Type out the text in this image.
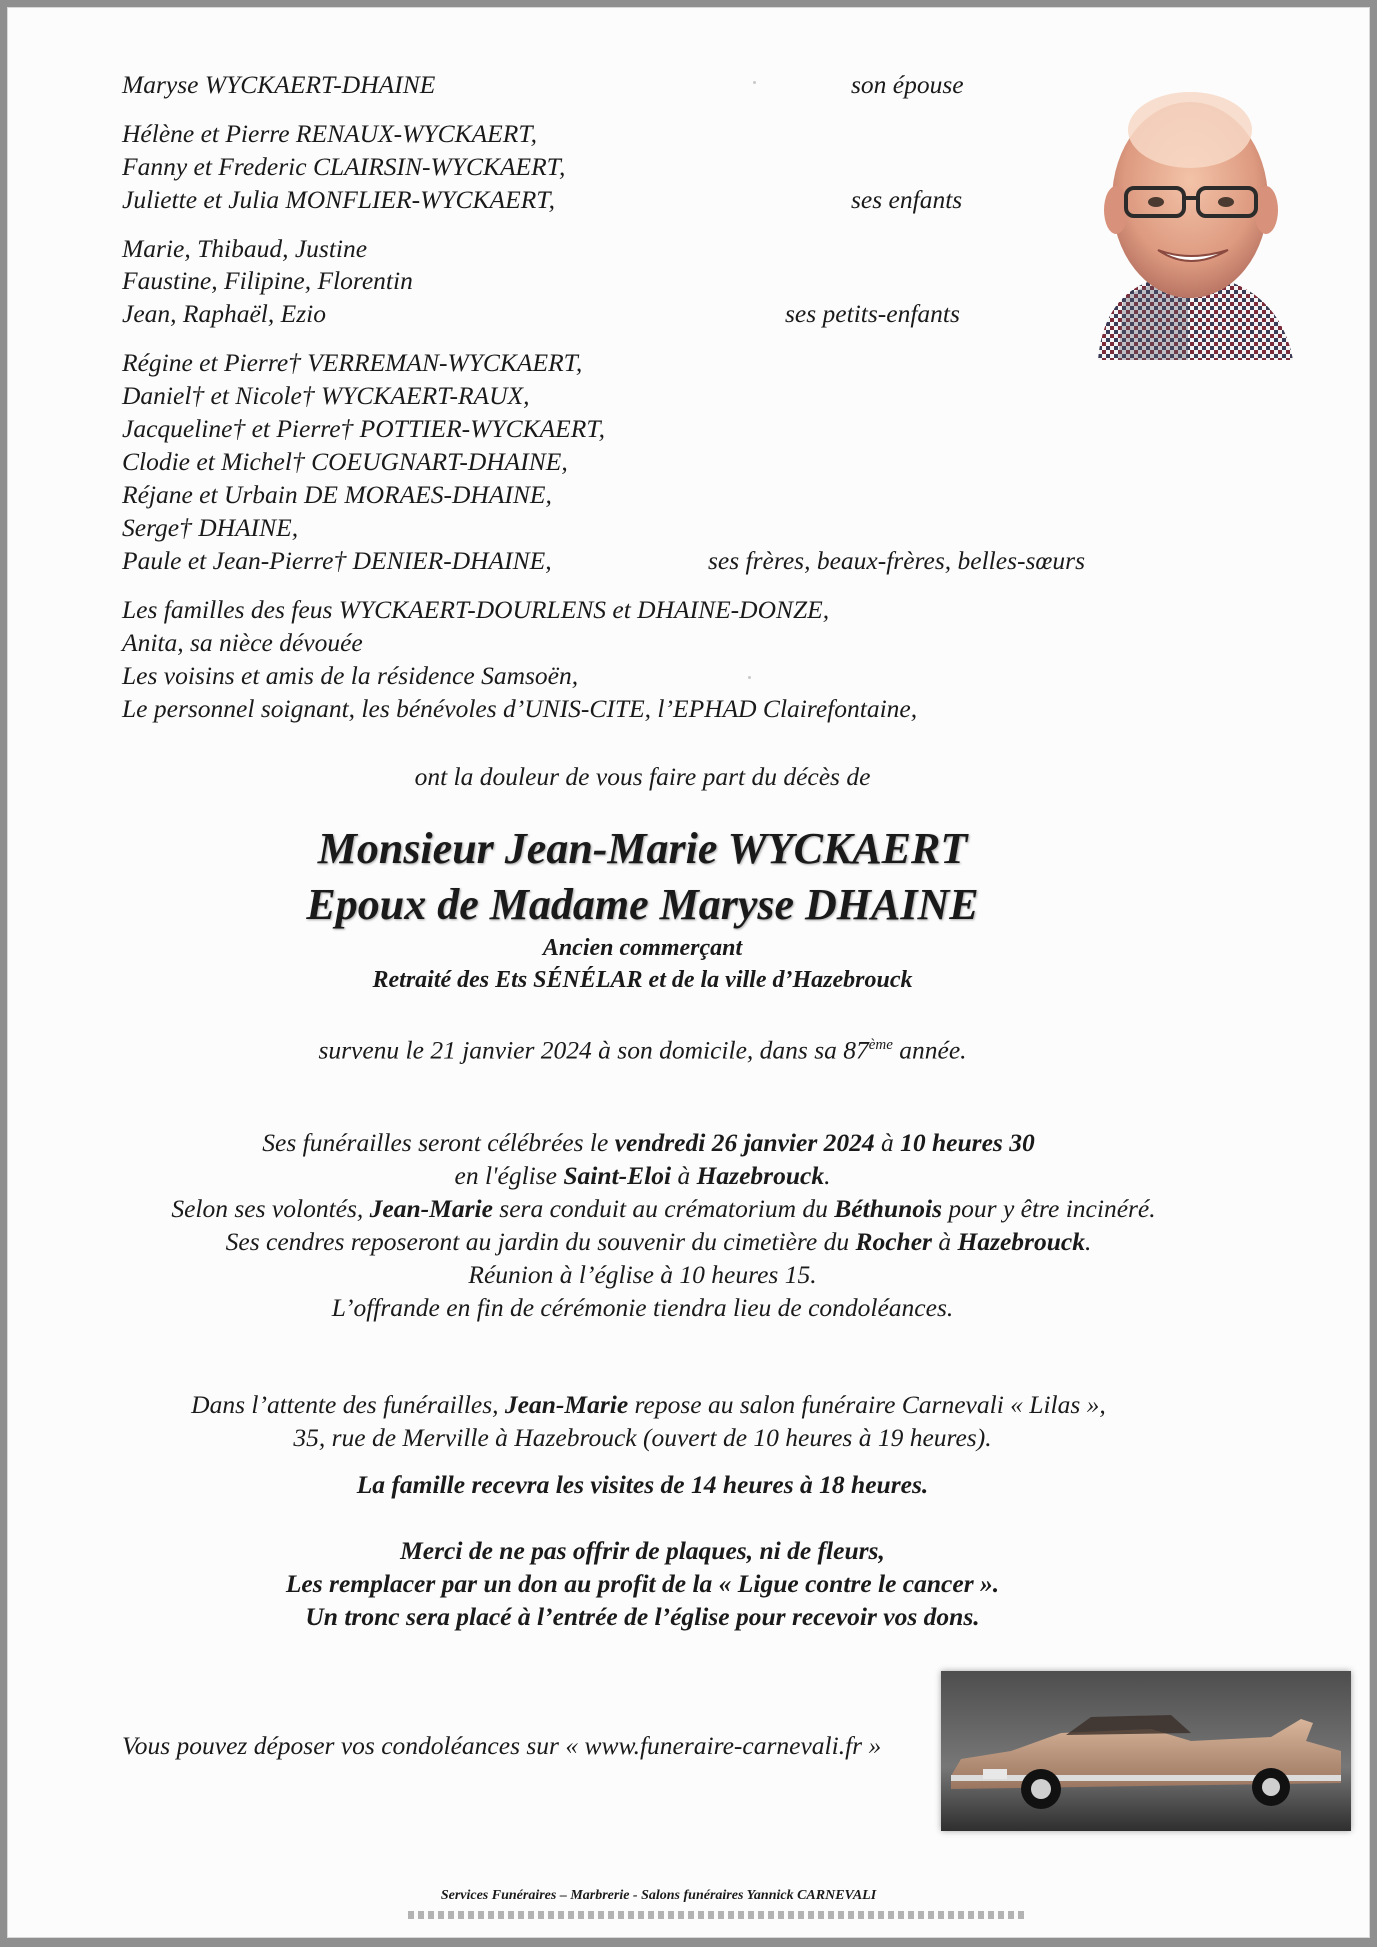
Maryse WYCKAERT-DHAINE	son épouse
Hélène et Pierre RENAUX-WYCKAERT,
Fanny et Frederic CLAIRSIN-WYCKAERT,
Juliette et Julia MONFLIER-WYCKAERT,	ses enfants
Marie, Thibaud, Justine
Faustine, Filipine, Florentin
Jean, Raphaël, Ezio	ses petits-enfants
Régine et Pierre† VERREMAN-WYCKAERT,
Daniel† et Nicole† WYCKAERT-RAUX,
Jacqueline† et Pierre† POTTIER-WYCKAERT,
Clodie et Michel† COEUGNART-DHAINE,
Réjane et Urbain DE MORAES-DHAINE,
Serge† DHAINE,
Paule et Jean-Pierre† DENIER-DHAINE,	ses frères, beaux-frères, belles-sœurs
Les familles des feus WYCKAERT-DOURLENS et DHAINE-DONZE,
Anita, sa nièce dévouée
Les voisins et amis de la résidence Samsoën,
Le personnel soignant, les bénévoles d’UNIS-CITE, l’EPHAD Clairefontaine,
ont la douleur de vous faire part du décès de
Monsieur Jean-Marie WYCKAERT
Epoux de Madame Maryse DHAINE
Ancien commerçant
Retraité des Ets SÉNÉLAR et de la ville d’Hazebrouck
survenu le 21 janvier 2024 à son domicile, dans sa 87ème année.
Ses funérailles seront célébrées le vendredi 26 janvier 2024 à 10 heures 30
en l'église Saint-Eloi à Hazebrouck.
Selon ses volontés, Jean-Marie sera conduit au crématorium du Béthunois pour y être incinéré.
Ses cendres reposeront au jardin du souvenir du cimetière du Rocher à Hazebrouck.
Réunion à l’église à 10 heures 15.
L’offrande en fin de cérémonie tiendra lieu de condoléances.
Dans l’attente des funérailles, Jean-Marie repose au salon funéraire Carnevali « Lilas »,
35, rue de Merville à Hazebrouck (ouvert de 10 heures à 19 heures).
La famille recevra les visites de 14 heures à 18 heures.
Merci de ne pas offrir de plaques, ni de fleurs,
Les remplacer par un don au profit de la « Ligue contre le cancer ».
Un tronc sera placé à l’entrée de l’église pour recevoir vos dons.
Vous pouvez déposer vos condoléances sur « www.funeraire-carnevali.fr »
Services Funéraires – Marbrerie - Salons funéraires Yannick CARNEVALI
